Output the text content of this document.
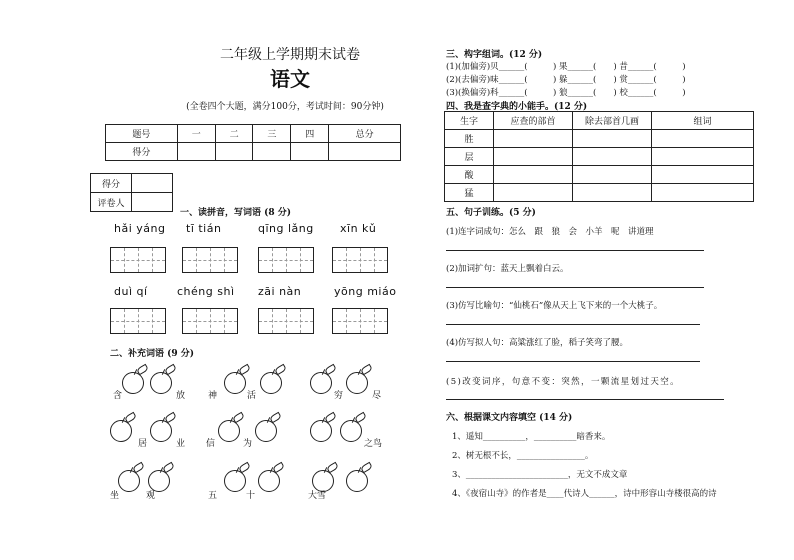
二年级上学期期末试卷
语文
(全卷四个大题，满分100分，考试时间：90分钟)
题号	一	二	三	四	总分
得分					
得分	
评卷人	
一、读拼音，写词语 (8 分)
hǎi yáng tī tián	qīng lǎng xīn kǔ
duì qí	chéng shì zāi nàn	yōng miáo
二、补充词语 (9 分)
含	放	神	活	穷	尽
居	业 信	为	之鸟
坐	观	五	十	大雪
三、构字组词。(12 分)
(1)(加偏旁)贝______(　　　) 果______(　　) 昔______(　　　)
(2)(去偏旁)味______(　　　) 躲______(　　) 赏______(　　　)
(3)(换偏旁)科______(　　　) 狼______(　　) 校______(　　　)
四、我是查字典的小能手。(12 分)
生字	应查的部首	除去部首几画	组词
胜			
层			
酸			
猛			
五、句子训练。(5 分)
(1)连字词成句：怎么　跟　狼　会　小羊　呢　讲道理
(2)加词扩句：蓝天上飘着白云。
(3)仿写比喻句：“仙桃石”像从天上飞下来的一个大桃子。
(4)仿写拟人句：高粱涨红了脸，稻子笑弯了腰。
(5)改变词序，句意不变：突然，一颗流星划过天空。
六、根据课文内容填空 (14 分)
1、遥知__________，__________暗香来。
2、树无根不长，________________。
3、________________________，无文不成文章
4、《夜宿山寺》的作者是____代诗人______，诗中形容山寺楼很高的诗
